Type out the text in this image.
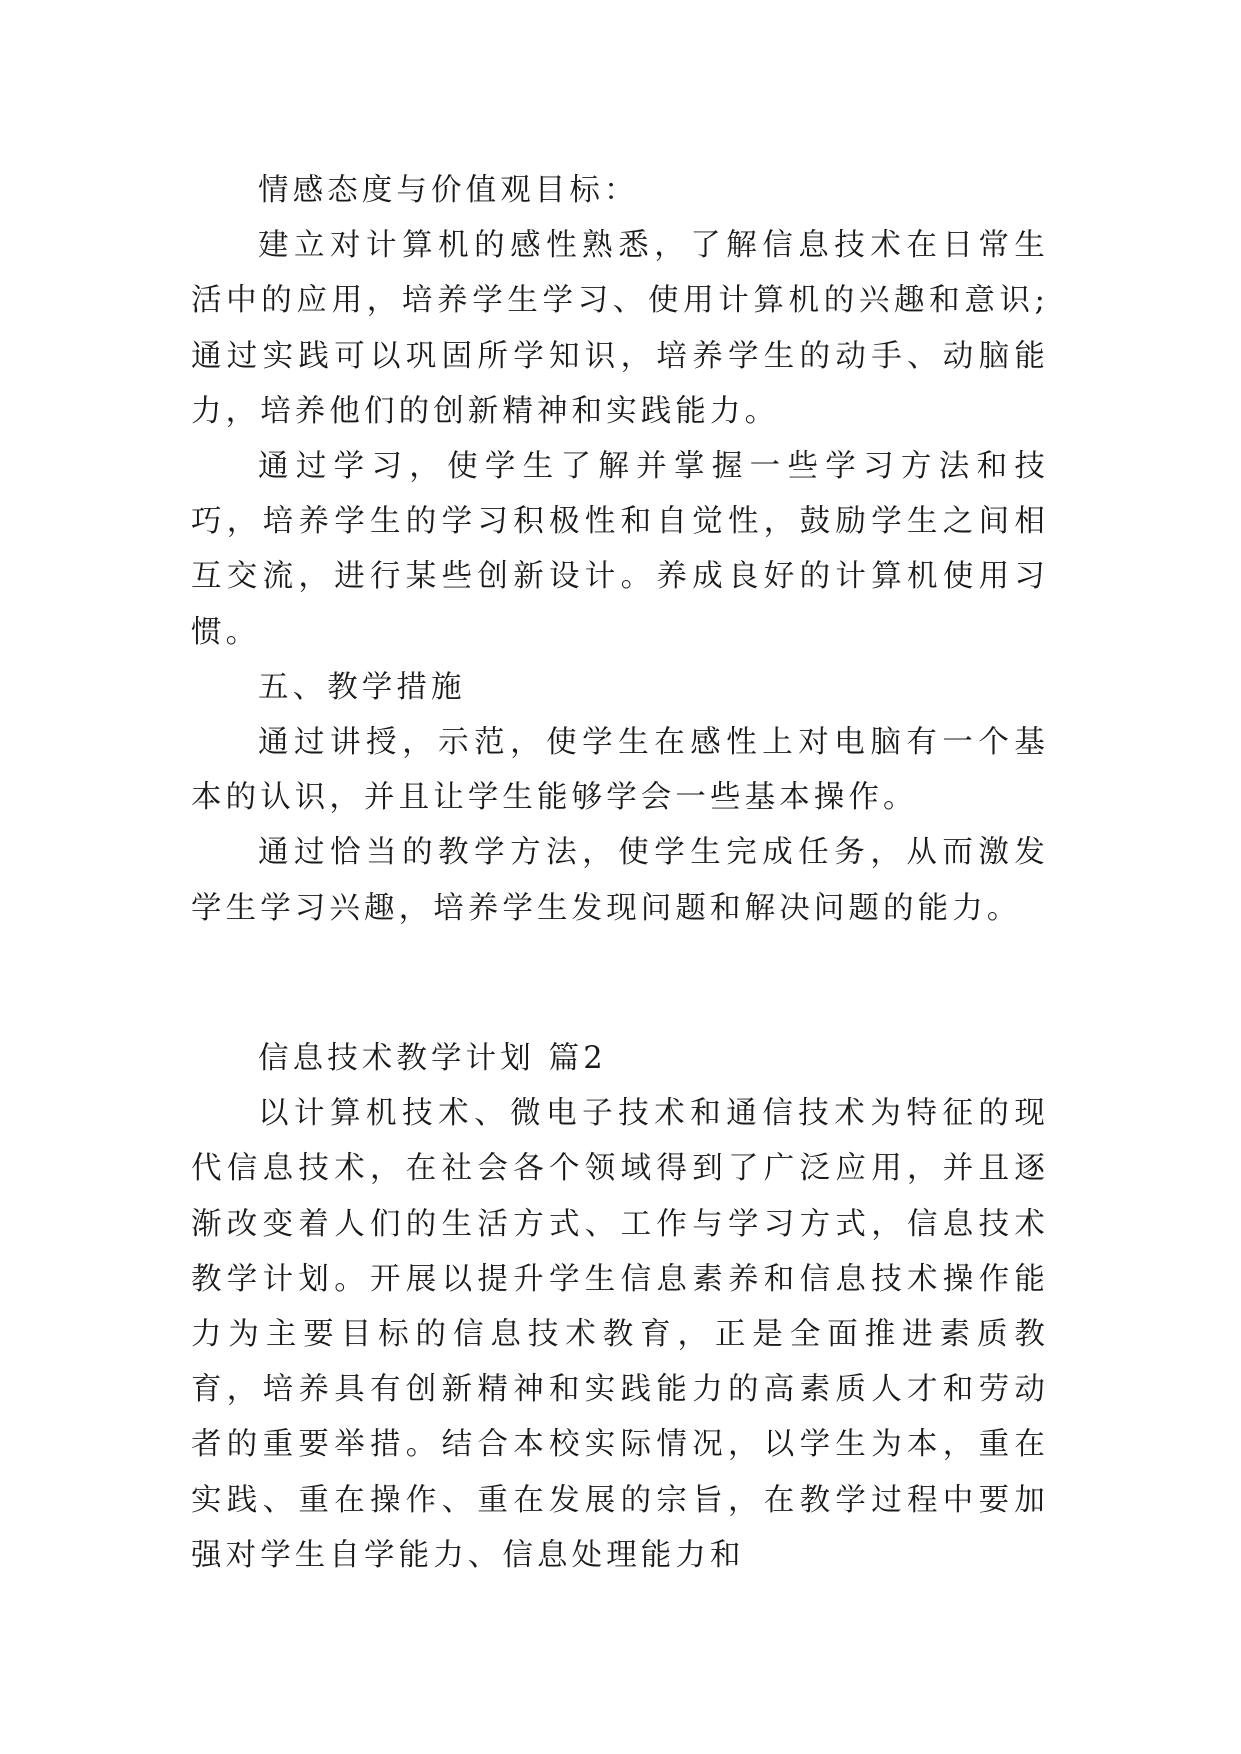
情感态度与价值观目标：

建立对计算机的感性熟悉，了解信息技术在日常生活中的应用，培养学生学习、使用计算机的兴趣和意识;通过实践可以巩固所学知识，培养学生的动手、动脑能力，培养他们的创新精神和实践能力。

通过学习，使学生了解并掌握一些学习方法和技巧，培养学生的学习积极性和自觉性，鼓励学生之间相互交流，进行某些创新设计。养成良好的计算机使用习惯。

五、教学措施

通过讲授，示范，使学生在感性上对电脑有一个基本的认识，并且让学生能够学会一些基本操作。

通过恰当的教学方法，使学生完成任务，从而激发学生学习兴趣，培养学生发现问题和解决问题的能力。

信息技术教学计划 篇2

以计算机技术、微电子技术和通信技术为特征的现代信息技术，在社会各个领域得到了广泛应用，并且逐渐改变着人们的生活方式、工作与学习方式，信息技术教学计划。开展以提升学生信息素养和信息技术操作能力为主要目标的信息技术教育，正是全面推进素质教育，培养具有创新精神和实践能力的高素质人才和劳动者的重要举措。结合本校实际情况，以学生为本，重在实践、重在操作、重在发展的宗旨，在教学过程中要加强对学生自学能力、信息处理能力和
